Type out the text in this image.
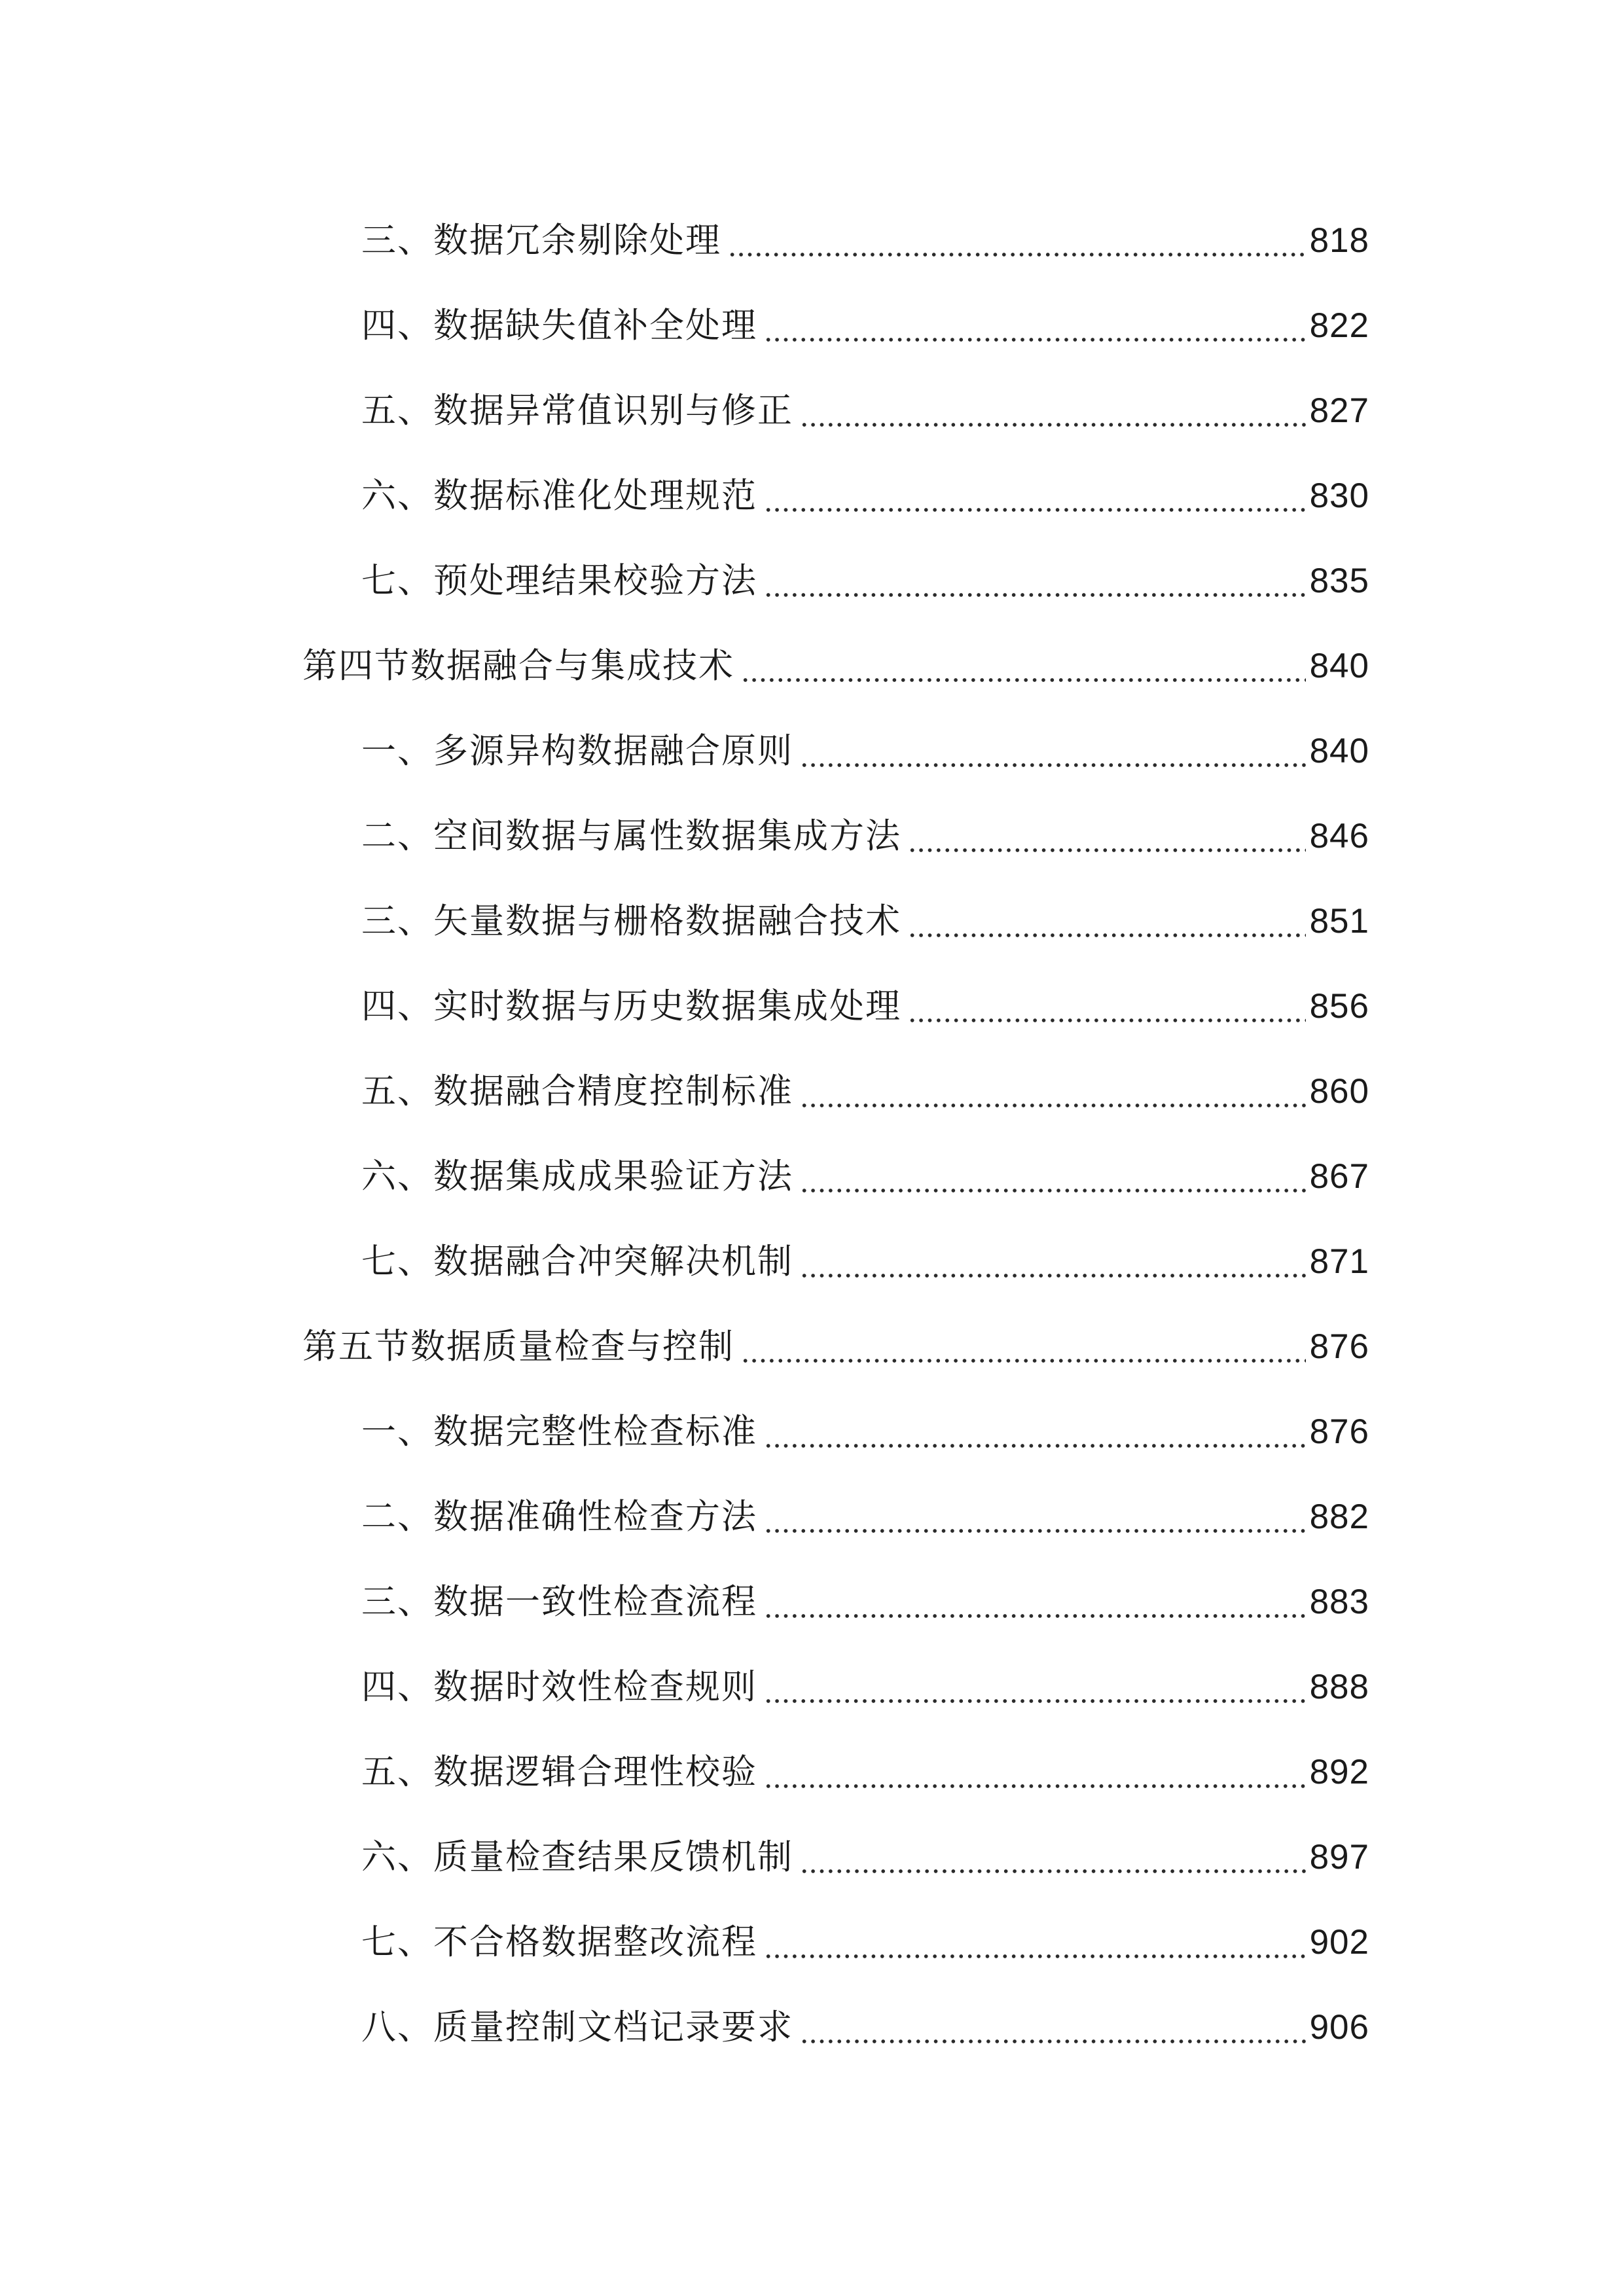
三、数据冗余剔除处理	818
四、数据缺失值补全处理	822
五、数据异常值识别与修正	827
六、数据标准化处理规范	830
七、预处理结果校验方法	835
第四节数据融合与集成技术	840
一、多源异构数据融合原则	840
二、空间数据与属性数据集成方法	846
三、矢量数据与栅格数据融合技术	851
四、实时数据与历史数据集成处理	856
五、数据融合精度控制标准	860
六、数据集成成果验证方法	867
七、数据融合冲突解决机制	871
第五节数据质量检查与控制	876
一、数据完整性检查标准	876
二、数据准确性检查方法	882
三、数据一致性检查流程	883
四、数据时效性检查规则	888
五、数据逻辑合理性校验	892
六、质量检查结果反馈机制	897
七、不合格数据整改流程	902
八、质量控制文档记录要求	906
